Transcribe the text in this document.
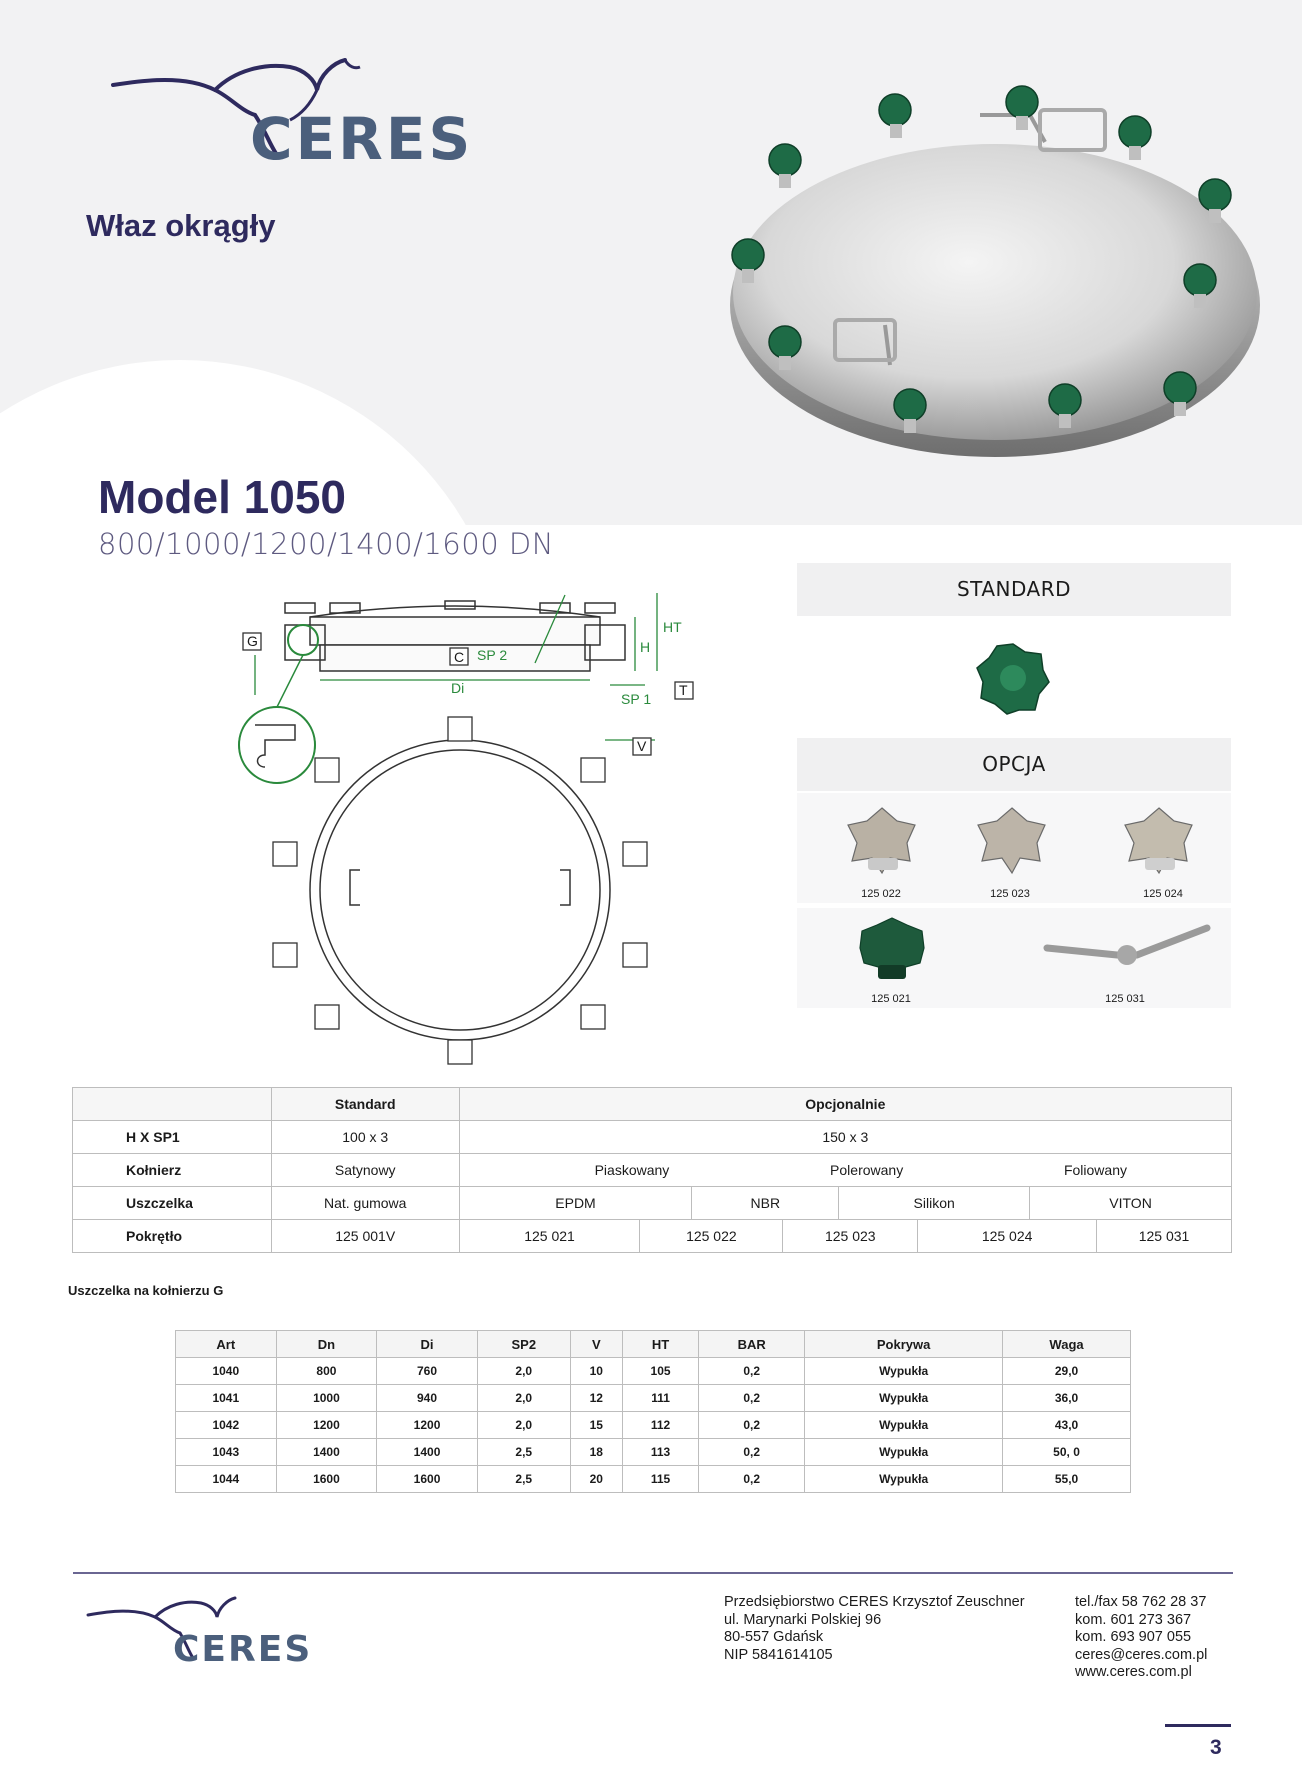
CERES
Właz okrągły
Model 1050
800/1000/1200/1400/1600 DN
G
C
T
V
SP 2
HT
H
Di
SP 1
STANDARD
OPCJA
125 022	125 023	125 024
125 021	125 031
	Standard	Opcjonalnie							
H X SP1	100 x 3	150 x 3							
Kołnierz	Satynowy	Piaskowany Polerowany Foliowany							

Uszczelka	Nat. gumowa	EPDM		NBR		Silikon		VITON	
Pokrętło	125 001V	125 021	125 022		125 023		125 024		125 031
Uszczelka na kołnierzu G
Art	Dn	Di	SP2	V	HT	BAR	Pokrywa	Waga
1040	800	760	2,0	10	105	0,2	Wypukła	29,0
1041	1000	940	2,0	12	111	0,2	Wypukła	36,0
1042	1200	1200	2,0	15	112	0,2	Wypukła	43,0
1043	1400	1400	2,5	18	113	0,2	Wypukła	50, 0
1044	1600	1600	2,5	20	115	0,2	Wypukła	55,0
CERES
Przedsiębiorstwo CERES Krzysztof Zeuschner
ul. Marynarki Polskiej 96
80-557 Gdańsk
NIP 5841614105
tel./fax 58 762 28 37
kom. 601 273 367
kom. 693 907 055
ceres@ceres.com.pl
www.ceres.com.pl
3
